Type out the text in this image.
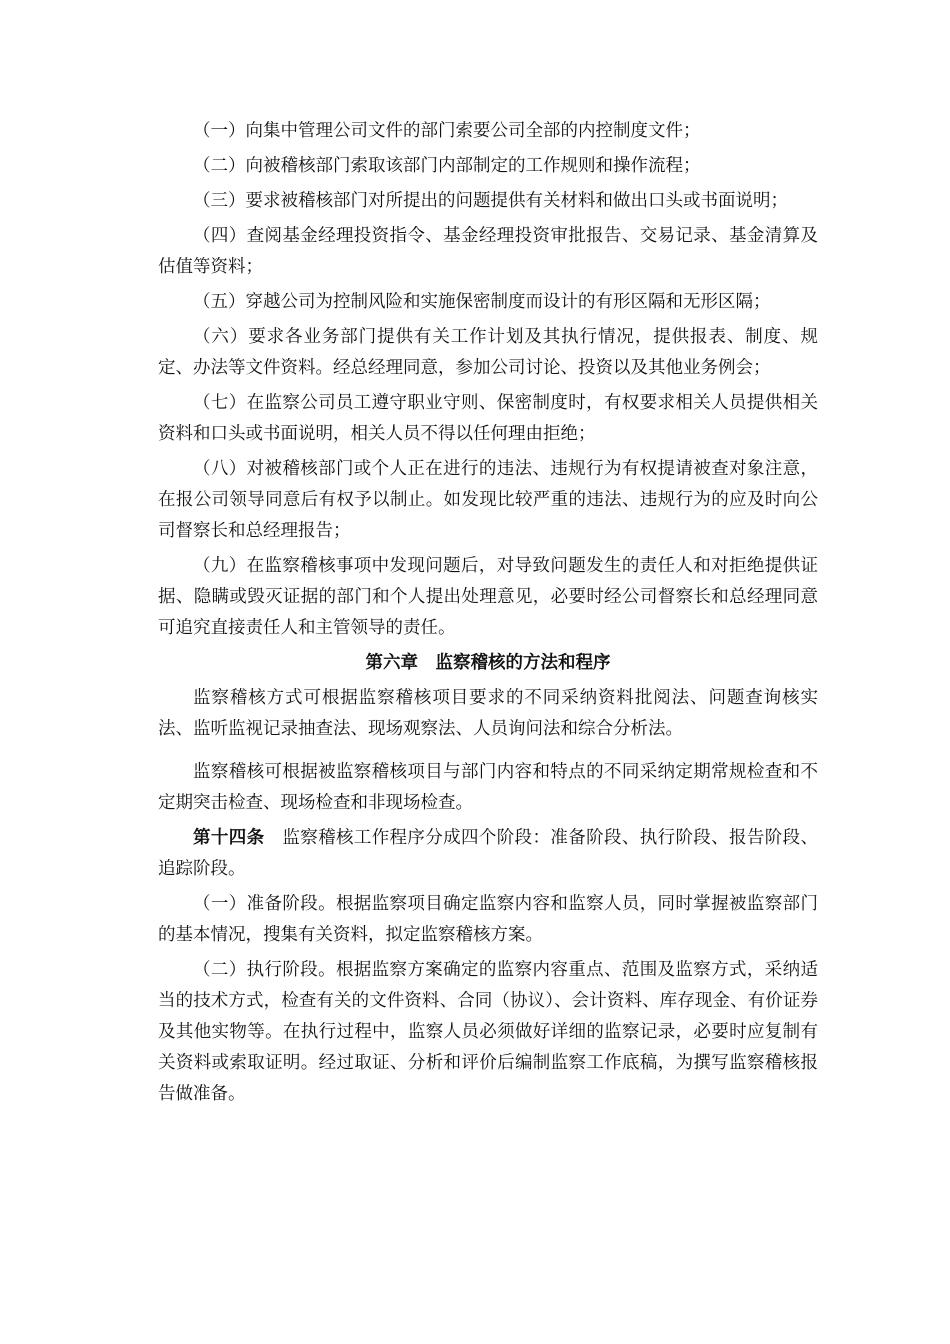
（一）向集中管理公司文件的部门索要公司全部的内控制度文件；

（二）向被稽核部门索取该部门内部制定的工作规则和操作流程；

（三）要求被稽核部门对所提出的问题提供有关材料和做出口头或书面说明；

（四）查阅基金经理投资指令、基金经理投资审批报告、交易记录、基金清算及估值等资料；

（五）穿越公司为控制风险和实施保密制度而设计的有形区隔和无形区隔；

（六）要求各业务部门提供有关工作计划及其执行情况，提供报表、制度、规定、办法等文件资料。经总经理同意，参加公司讨论、投资以及其他业务例会；

（七）在监察公司员工遵守职业守则、保密制度时，有权要求相关人员提供相关资料和口头或书面说明，相关人员不得以任何理由拒绝；

（八）对被稽核部门或个人正在进行的违法、违规行为有权提请被查对象注意，在报公司领导同意后有权予以制止。如发现比较严重的违法、违规行为的应及时向公司督察长和总经理报告；

（九）在监察稽核事项中发现问题后，对导致问题发生的责任人和对拒绝提供证据、隐瞒或毁灭证据的部门和个人提出处理意见，必要时经公司督察长和总经理同意可追究直接责任人和主管领导的责任。

第六章　监察稽核的方法和程序

监察稽核方式可根据监察稽核项目要求的不同采纳资料批阅法、问题查询核实法、监听监视记录抽查法、现场观察法、人员询问法和综合分析法。

监察稽核可根据被监察稽核项目与部门内容和特点的不同采纳定期常规检查和不定期突击检查、现场检查和非现场检查。

第十四条　监察稽核工作程序分成四个阶段：准备阶段、执行阶段、报告阶段、追踪阶段。

（一）准备阶段。根据监察项目确定监察内容和监察人员，同时掌握被监察部门的基本情况，搜集有关资料，拟定监察稽核方案。

（二）执行阶段。根据监察方案确定的监察内容重点、范围及监察方式，采纳适当的技术方式，检查有关的文件资料、合同（协议）、会计资料、库存现金、有价证券及其他实物等。在执行过程中，监察人员必须做好详细的监察记录，必要时应复制有关资料或索取证明。经过取证、分析和评价后编制监察工作底稿，为撰写监察稽核报告做准备。
